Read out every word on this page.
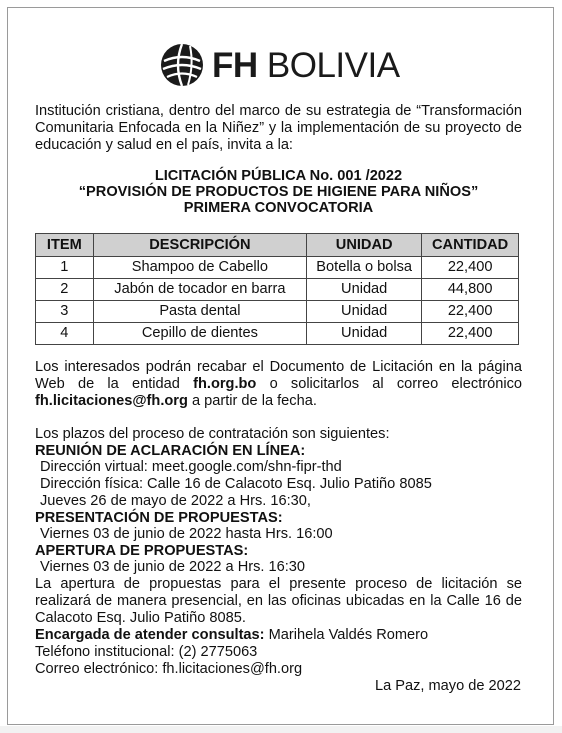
FH BOLIVIA

Institución cristiana, dentro del marco de su estrategia de “Transformación Comunitaria Enfocada en la Niñez” y la implementación de su proyecto de educación y salud en el país, invita a la:

LICITACIÓN PÚBLICA No. 001 /2022
“PROVISIÓN DE PRODUCTOS DE HIGIENE PARA NIÑOS”
PRIMERA CONVOCATORIA
ITEM	DESCRIPCIÓN	UNIDAD	CANTIDAD
1	Shampoo de Cabello	Botella o bolsa	22,400
2	Jabón de tocador en barra	Unidad	44,800
3	Pasta dental	Unidad	22,400
4	Cepillo de dientes	Unidad	22,400
Los interesados podrán recabar el Documento de Licitación en la página Web de la entidad fh.org.bo o solicitarlos al correo electrónico fh.licitaciones@fh.org a partir de la fecha.
Los plazos del proceso de contratación son siguientes:
REUNIÓN DE ACLARACIÓN EN LÍNEA:
Dirección virtual: meet.google.com/shn-fipr-thd
Dirección física: Calle 16 de Calacoto Esq. Julio Patiño 8085
Jueves 26 de mayo de 2022 a Hrs. 16:30,
PRESENTACIÓN DE PROPUESTAS:
Viernes 03 de junio de 2022 hasta Hrs. 16:00
APERTURA DE PROPUESTAS:
Viernes 03 de junio de 2022 a Hrs. 16:30
La apertura de propuestas para el presente proceso de licitación se realizará de manera presencial, en las oficinas ubicadas en la Calle 16 de Calacoto Esq. Julio Patiño 8085.
Encargada de atender consultas: Marihela Valdés Romero
Teléfono institucional: (2) 2775063
Correo electrónico: fh.licitaciones@fh.org
La Paz, mayo de 2022
